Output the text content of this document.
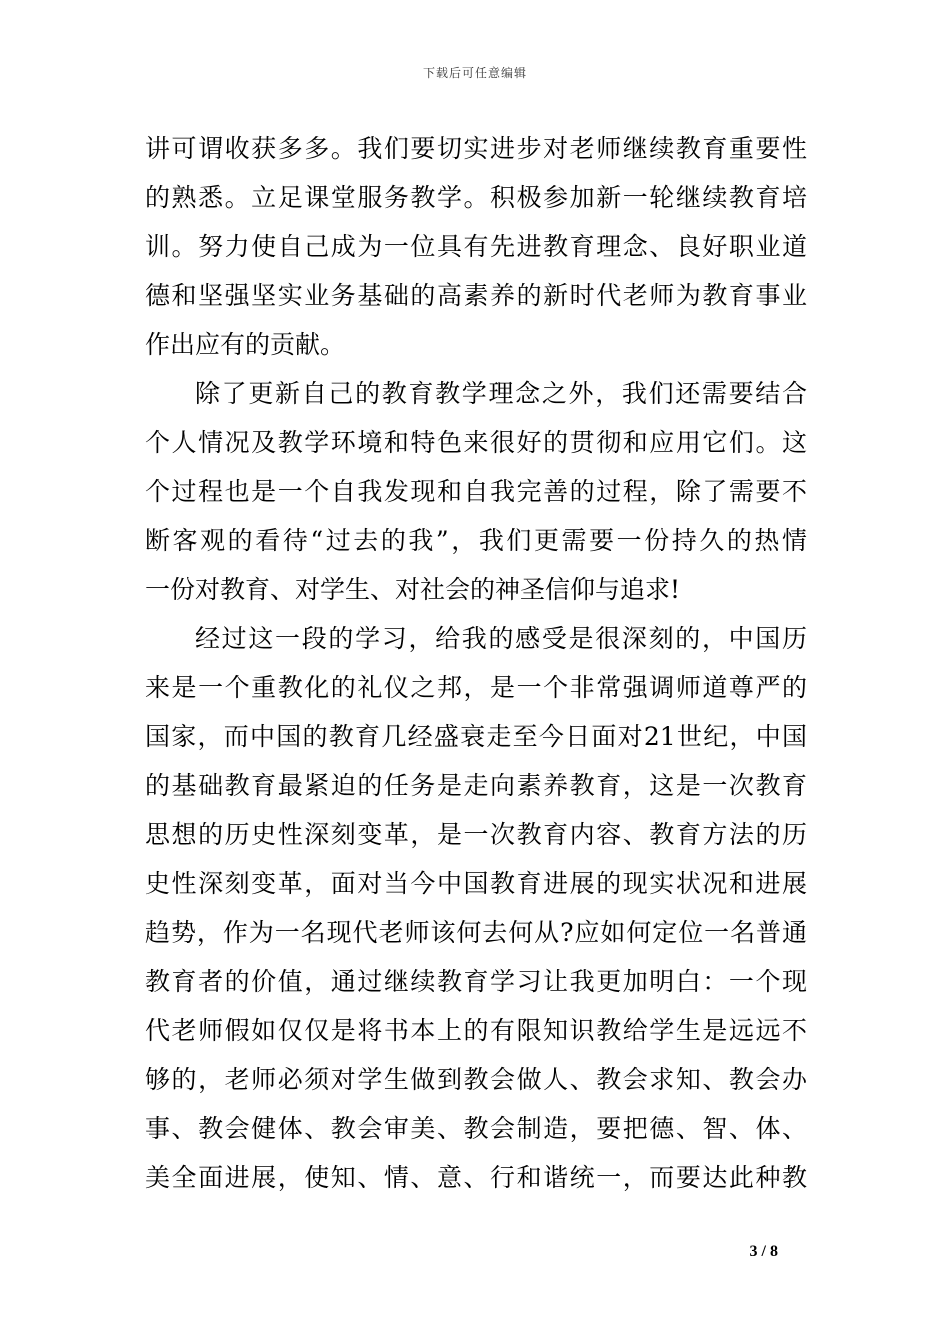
下载后可任意编辑
讲可谓收获多多。我们要切实进步对老师继续教育重要性
的熟悉。立足课堂服务教学。积极参加新一轮继续教育培
训。努力使自己成为一位具有先进教育理念、良好职业道
德和坚强坚实业务基础的高素养的新时代老师为教育事业
作出应有的贡献。
除了更新自己的教育教学理念之外，我们还需要结合
个人情况及教学环境和特色来很好的贯彻和应用它们。这
个过程也是一个自我发现和自我完善的过程，除了需要不
断客观的看待“过去的我”，我们更需要一份持久的热情
一份对教育、对学生、对社会的神圣信仰与追求!
经过这一段的学习，给我的感受是很深刻的，中国历
来是一个重教化的礼仪之邦，是一个非常强调师道尊严的
国家，而中国的教育几经盛衰走至今日面对21世纪，中国
的基础教育最紧迫的任务是走向素养教育，这是一次教育
思想的历史性深刻变革，是一次教育内容、教育方法的历
史性深刻变革，面对当今中国教育进展的现实状况和进展
趋势，作为一名现代老师该何去何从?应如何定位一名普通
教育者的价值，通过继续教育学习让我更加明白：一个现
代老师假如仅仅是将书本上的有限知识教给学生是远远不
够的，老师必须对学生做到教会做人、教会求知、教会办
事、教会健体、教会审美、教会制造，要把德、智、体、
美全面进展，使知、情、意、行和谐统一，而要达此种教
3 / 8
